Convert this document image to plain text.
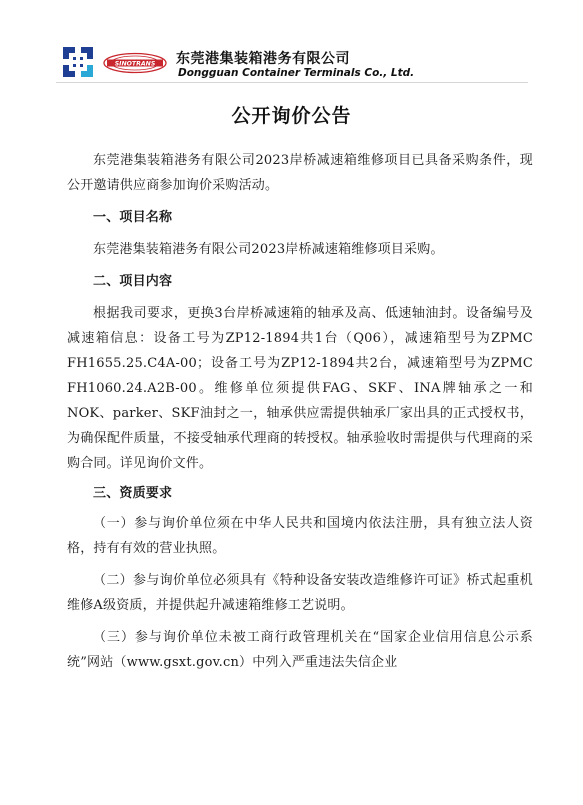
SINOTRANS 东莞港集装箱港务有限公司
Dongguan Container Terminals Co., Ltd.
公开询价公告

东莞港集装箱港务有限公司2023岸桥减速箱维修项目已具备采购条件，现公开邀请供应商参加询价采购活动。

一、项目名称

东莞港集装箱港务有限公司2023岸桥减速箱维修项目采购。

二、项目内容

根据我司要求，更换3台岸桥减速箱的轴承及高、低速轴油封。设备编号及减速箱信息：设备工号为ZP12-1894共1台（Q06），减速箱型号为ZPMC FH1655.25.C4A-00；设备工号为ZP12-1894共2台，减速箱型号为ZPMC FH1060.24.A2B-00。维修单位须提供FAG、SKF、INA牌轴承之一和NOK、parker、SKF油封之一，轴承供应需提供轴承厂家出具的正式授权书，为确保配件质量，不接受轴承代理商的转授权。轴承验收时需提供与代理商的采购合同。详见询价文件。

三、资质要求

（一）参与询价单位须在中华人民共和国境内依法注册，具有独立法人资格，持有有效的营业执照。

（二）参与询价单位必须具有《特种设备安装改造维修许可证》桥式起重机维修A级资质，并提供起升减速箱维修工艺说明。

（三）参与询价单位未被工商行政管理机关在“国家企业信用信息公示系统”网站（www.gsxt.gov.cn）中列入严重违法失信企业
